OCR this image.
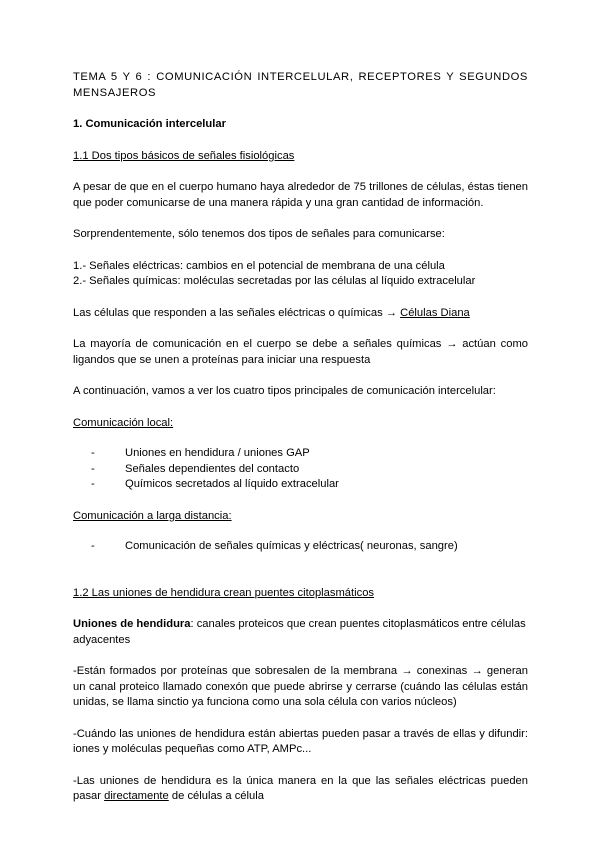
TEMA 5 Y 6 : COMUNICACIÓN INTERCELULAR, RECEPTORES Y SEGUNDOS MENSAJEROS

1. Comunicación intercelular

1.1 Dos tipos básicos de señales fisiológicas

A pesar de que en el cuerpo humano haya alrededor de 75 trillones de células, éstas tienen que poder comunicarse de una manera rápida y una gran cantidad de información.

Sorprendentemente, sólo tenemos dos tipos de señales para comunicarse:

1.- Señales eléctricas: cambios en el potencial de membrana de una célula

2.- Señales químicas: moléculas secretadas por las células al líquido extracelular

Las células que responden a las señales eléctricas o químicas → Células Diana

La mayoría de comunicación en el cuerpo se debe a señales químicas → actúan como ligandos que se unen a proteínas para iniciar una respuesta

A continuación, vamos a ver los cuatro tipos principales de comunicación intercelular:

Comunicación local:

- Uniones en hendidura / uniones GAP
- Señales dependientes del contacto
- Químicos secretados al líquido extracelular

Comunicación a larga distancia:

- Comunicación de señales químicas y eléctricas( neuronas, sangre)

1.2 Las uniones de hendidura crean puentes citoplasmáticos

Uniones de hendidura: canales proteicos que crean puentes citoplasmáticos entre células adyacentes

-Están formados por proteínas que sobresalen de la membrana → conexinas → generan un canal proteico llamado conexón que puede abrirse y cerrarse (cuándo las células están unidas, se llama sinctio ya funciona como una sola célula con varios núcleos)

-Cuándo las uniones de hendidura están abiertas pueden pasar a través de ellas y difundir: iones y moléculas pequeñas como ATP, AMPc...

-Las uniones de hendidura es la única manera en la que las señales eléctricas pueden pasar directamente de células a célula
